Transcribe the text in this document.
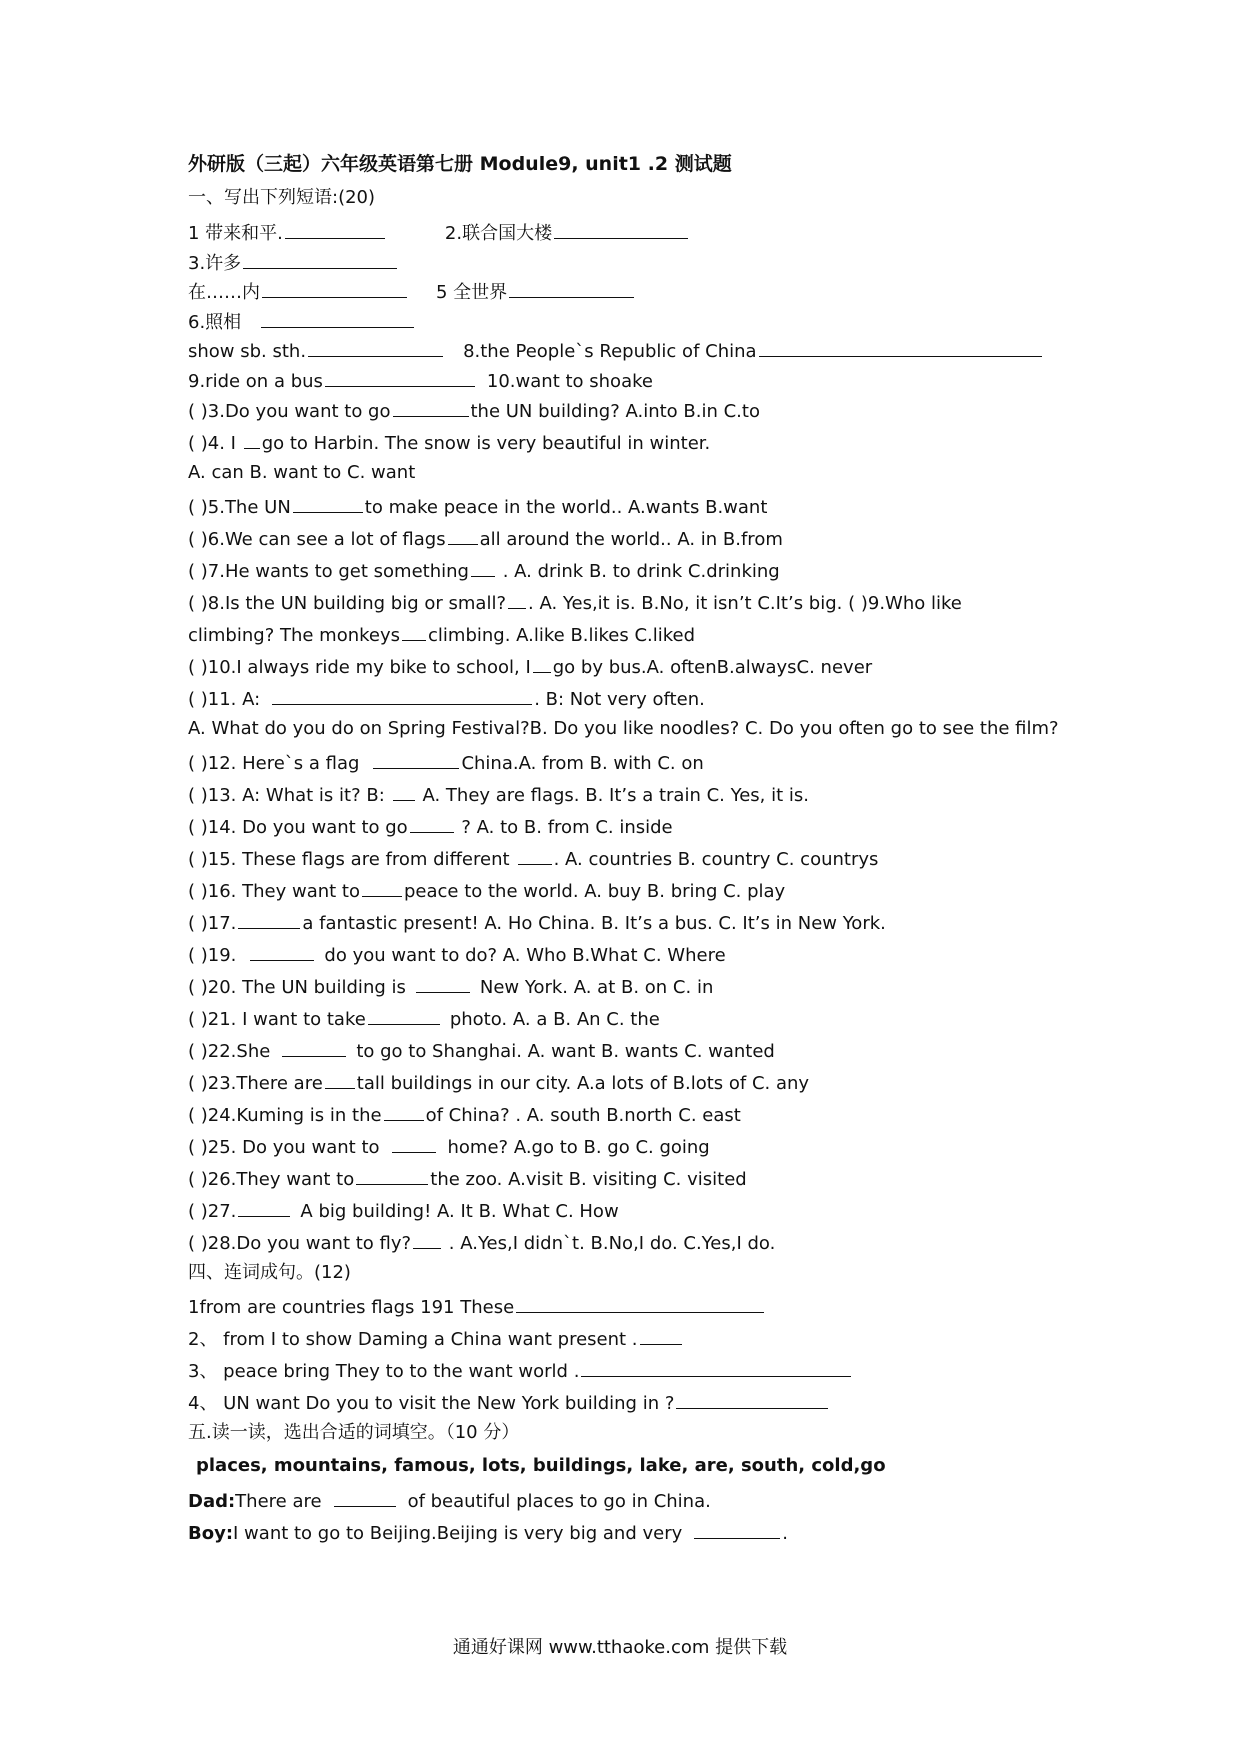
外研版（三起）六年级英语第七册 Module9, unit1 .2 测试题
一、写出下列短语:(20)
1 带来和平.	2.联合国大楼
3.许多
在……内	5 全世界
6.照相
show sb. sth.	8.the People`s Republic of China
9.ride on a bus	10.want to shoake
( )3.Do you want to go	the UN building? A.into B.in C.to
( )4. I go to Harbin. The snow is very beautiful in winter.
A. can B. want to C. want
( )5.The UN	to make peace in the world.. A.wants B.want
( )6.We can see a lot of flags all around the world.. A. in B.from
( )7.He wants to get something . A. drink B. to drink C.drinking
( )8.Is the UN building big or small? . A. Yes,it is. B.No, it isn’t C.It’s big. ( )9.Who like
climbing? The monkeys climbing. A.like B.likes C.liked
( )10.I always ride my bike to school, I go by bus.A. oftenB.alwaysC. never
( )11. A:	. B: Not very often.
A. What do you do on Spring Festival?B. Do you like noodles? C. Do you often go to see the film?
( )12. Here`s a flag	China.A. from B. with C. on
( )13. A: What is it? B: A. They are flags. B. It’s a train C. Yes, it is.
( )14. Do you want to go	? A. to B. from C. inside
( )15. These flags are from different . A. countries B. country C. countrys
( )16. They want to peace to the world. A. buy B. bring C. play
( )17.	a fantastic present! A. Ho China. B. It’s a bus. C. It’s in New York.
( )19.	do you want to do? A. Who B.What C. Where
( )20. The UN building is	New York. A. at B. on C. in
( )21. I want to take	photo. A. a B. An C. the
( )22.She	to go to Shanghai. A. want B. wants C. wanted
( )23.There are tall buildings in our city. A.a lots of B.lots of C. any
( )24.Kuming is in the of China? . A. south B.north C. east
( )25. Do you want to	home? A.go to B. go C. going
( )26.They want to	the zoo. A.visit B. visiting C. visited
( )27.	A big building! A. It B. What C. How
( )28.Do you want to fly? . A.Yes,I didn`t. B.No,I do. C.Yes,I do.
四、连词成句。(12)
1from are countries flags 191 These
2、 from I to show Daming a China want present .
3、 peace bring They to to the want world .
4、 UN want Do you to visit the New York building in ?
五.读一读，选出合适的词填空。（10 分）
places, mountains, famous, lots, buildings, lake, are, south, cold,go
Dad:There are	of beautiful places to go in China.
Boy:I want to go to Beijing.Beijing is very big and very	.
通通好课网 www.tthaoke.com 提供下载
